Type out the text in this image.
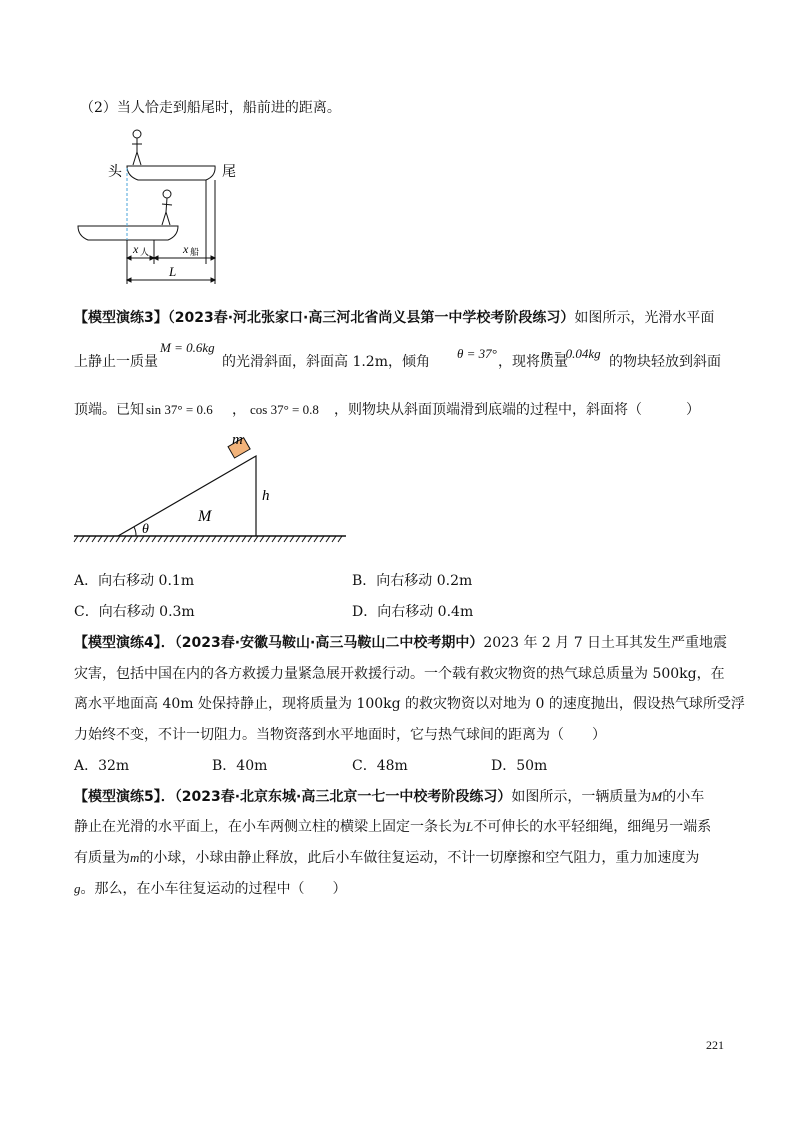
（2）当人恰走到船尾时，船前进的距离。
头	尾
x 人	x 船
L
【模型演练3】（2023春·河北张家口·高三河北省尚义县第一中学校考阶段练习）如图所示，光滑水平面
上静止一质量
M = 0.6kg
的光滑斜面，斜面高 1.2m，倾角
θ = 37°
，现将质量
m = 0.04kg
的物块轻放到斜面
顶端。已知 sin 37° = 0.6 ， cos 37° = 0.8 ，则物块从斜面顶端滑到底端的过程中，斜面将（	）
m
h
M
θ
A．向右移动 0.1m	B．向右移动 0.2m
C．向右移动 0.3m	D．向右移动 0.4m
【模型演练4】．（2023春·安徽马鞍山·高三马鞍山二中校考期中）2023 年 2 月 7 日土耳其发生严重地震
灾害，包括中国在内的各方救援力量紧急展开救援行动。一个载有救灾物资的热气球总质量为 500kg，在
离水平地面高 40m 处保持静止，现将质量为 100kg 的救灾物资以对地为 0 的速度抛出，假设热气球所受浮
力始终不变，不计一切阻力。当物资落到水平地面时，它与热气球间的距离为（　　）
A．32m	B．40m	C．48m	D．50m
【模型演练5】．（2023春·北京东城·高三北京一七一中校考阶段练习）如图所示，一辆质量为M的小车
静止在光滑的水平面上，在小车两侧立柱的横梁上固定一条长为L不可伸长的水平轻细绳，细绳另一端系
有质量为m的小球，小球由静止释放，此后小车做往复运动，不计一切摩擦和空气阻力，重力加速度为
g。那么，在小车往复运动的过程中（　　）
221
